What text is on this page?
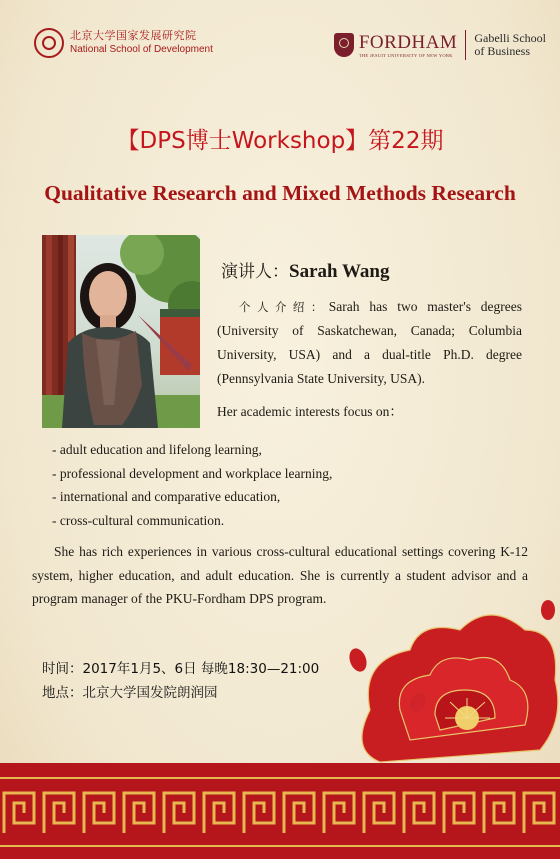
北京大学国家发展研究院
National School of Development	FORDHAM
THE JESUIT UNIVERSITY OF NEW YORK
Gabelli School
of Business
【DPS博士Workshop】第22期
Qualitative Research and Mixed Methods Research
演讲人：Sarah Wang
个人介绍：Sarah has two master's degrees (University of Saskatchewan, Canada; Columbia University, USA) and a dual-title Ph.D. degree (Pennsylvania State University, USA).
Her academic interests focus on：
- adult education and lifelong learning,
- professional development and workplace learning,
- international and comparative education,
- cross-cultural communication.
She has rich experiences in various cross-cultural educational settings covering K-12 system, higher education, and adult education. She is currently a student advisor and a program manager of the PKU-Fordham DPS program.
时间：2017年1月5、6日 每晚18:30—21:00
地点：北京大学国发院朗润园
